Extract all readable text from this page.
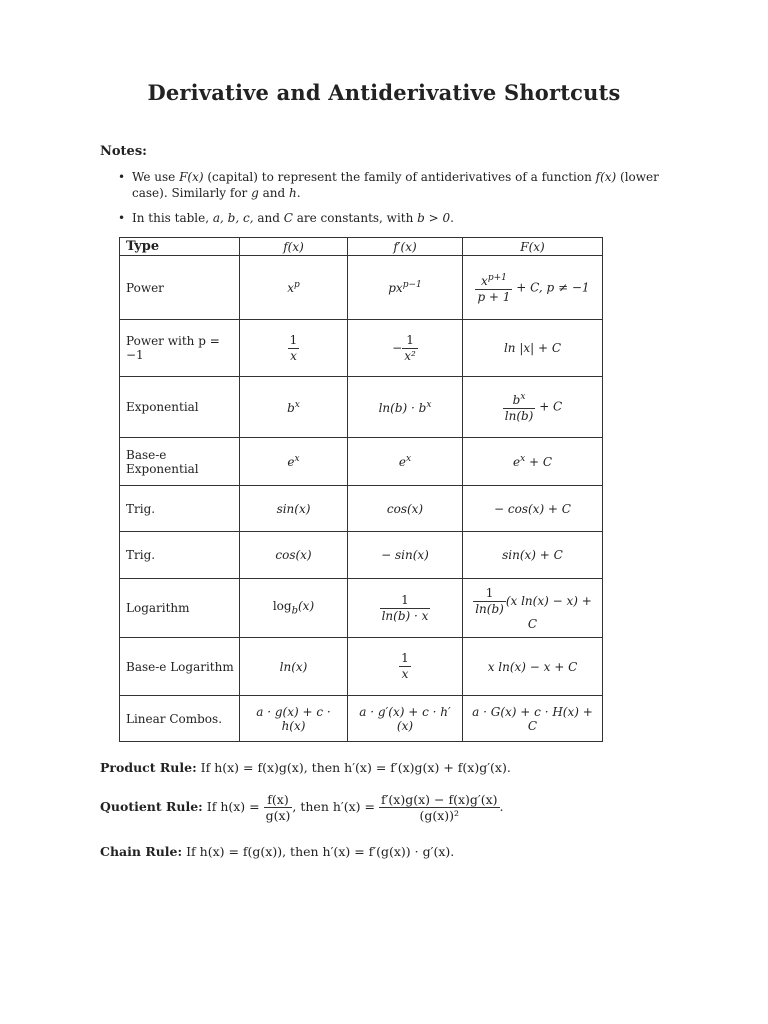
Derivative and Antiderivative Shortcuts
Notes:
• We use F(x) (capital) to represent the family of antiderivatives of a function f(x) (lower case). Similarly for g and h.
• In this table, a, b, c, and C are constants, with b > 0.
Type	f(x)	f′(x)	F(x)
Power	$x^p$	$px^{p-1}$	$\frac{x^{p+1}}{p + 1} + C$, p ≠ −1
Power with p = −1	$\frac{1}{x}$	− $\frac{1}{\text{x²}}$	ln |x| + C
Exponential	$b^x$	$\ln(b) \cdot b^x$	$\frac{b^x}{\ln(b)} + C$
Base-e Exponential	$e^x$	$e^x$	$e^x + C$
Trig.	sin(x)	cos(x)	− cos(x) + C
Trig.	cos(x)	− sin(x)	sin(x) + C
Logarithm	$\log_b(x)$	$\frac{1}{\ln(b) \cdot x}$	$\frac{1}{\ln(b)} (x$ ln(x) − x) + C
Base-e Logarithm	ln(x)	$\frac{1}{x}$	x ln(x) − x + C
Linear Combos.	a · g(x) + c · h(x)	a · g′(x) + c · h′(x)	a · G(x) + c · H(x) + C
Product Rule: If h(x) = f(x)g(x), then h′(x) = f′(x)g(x) + f(x)g′(x).
Quotient Rule: If $h(x) = \frac{f(x)}{g(x)}$ , then $h'(x) = \frac{f'(x)g(x) - f(x)g'(x)}{\text{(g(x))²}}$ .
Chain Rule: If h(x) = f(g(x)), then h′(x) = f′(g(x)) · g′(x).
